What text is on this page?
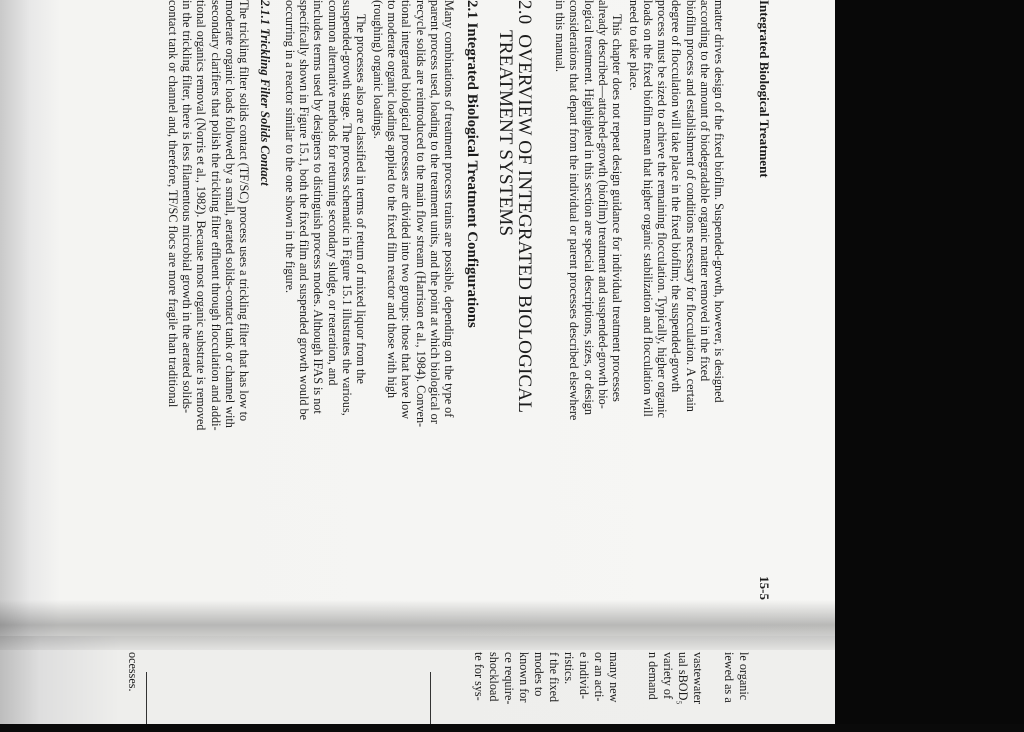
Integrated Biological Treatment
15-5
matter drives design of the fixed biofilm. Suspended-growth, however, is designed
according to the amount of biodegradable organic matter removed in the fixed
biofilm process and establishment of conditions necessary for flocculation. A certain
degree of flocculation will take place in the fixed biofilm; the suspended-growth
process must be sized to achieve the remaining flocculation. Typically, higher organic
loads on the fixed biofilm mean that higher organic stabilization and flocculation will
need to take place.
This chapter does not repeat design guidance for individual treatment processes
already described—attached-growth (biofilm) treatment and suspended-growth bio-
logical treatment. Highlighted in this section are special descriptions, sizes, or design
considerations that depart from the individual or parent processes described elsewhere
in this manual.
2.0  OVERVIEW OF INTEGRATED BIOLOGICAL
TREATMENT SYSTEMS
2.1 Integrated Biological Treatment Configurations
Many combinations of treatment process trains are possible, depending on the type of
parent process used, loading to the treatment units, and the point at which biological or
recycle solids are reintroduced to the main flow stream (Harrison et al., 1984). Conven-
tional integrated biological processes are divided into two groups: those that have low
to moderate organic loadings applied to the fixed film reactor and those with high
(roughing) organic loadings.
The processes also are classified in terms of return of mixed liquor from the
suspended-growth stage. The process schematic in Figure 15.1 illustrates the various,
common alternative methods for returning secondary sludge, or reaeration, and
includes terms used by designers to distinguish process modes. Although IFAS is not
specifically shown in Figure 15.1, both the fixed film and suspended growth would be
occurring in a reactor similar to the one shown in the figure.
2.1.1 Trickling Filter Solids Contact
The trickling filter solids contact (TF/SC) process uses a trickling filter that has low to
moderate organic loads followed by a small, aerated solids-contact tank or channel with
secondary clarifiers that polish the trickling filter effluent through flocculation and addi-
tional organics removal (Norris et al., 1982). Because most organic substrate is removed
in the trickling filter, there is less filamentous microbial growth in the aerated solids-
contact tank or channel and, therefore, TF/SC flocs are more fragile than traditional
ocesses.	te for sys- shockload ce require- known for modes to f the fixed ristics. e individ- or an acti- many new n demand variety of ual sBOD₅ vastewater iewed as a le organic
